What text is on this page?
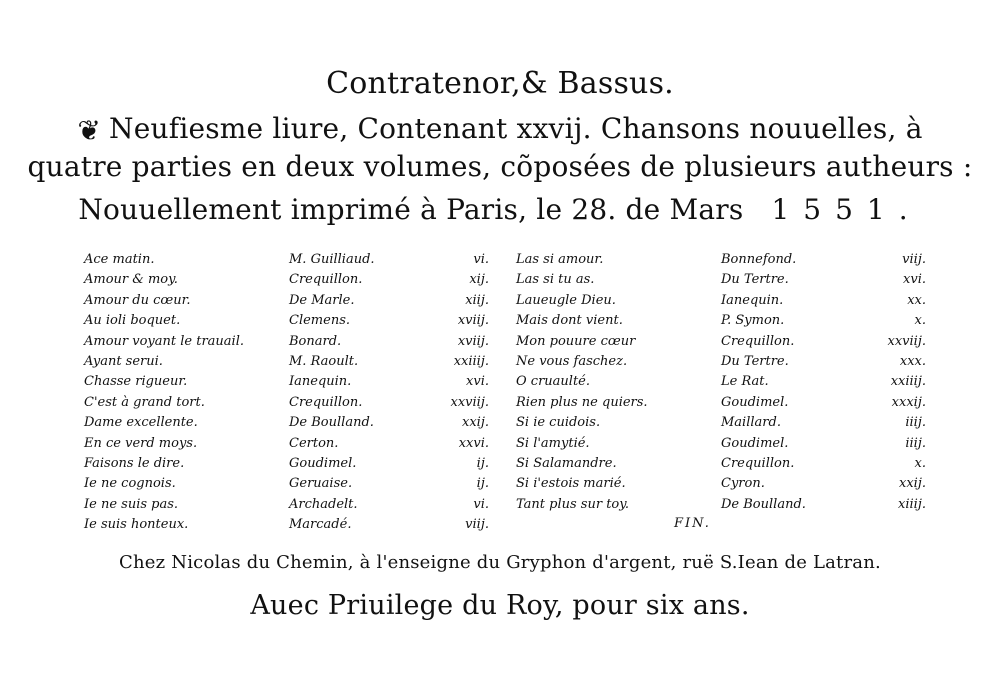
Contratenor,& Bassus.
❦ Neufiesme liure, Contenant xxvij. Chansons nouuelles, à
quatre parties en deux volumes, cõposées de plusieurs autheurs :
Nouuellement imprimé à Paris, le 28. de Mars 1551.
Ace matin.	M. Guilliaud.	vi.
Amour & moy.	Crequillon.	xij.
Amour du cœur.	De Marle.	xiij.
Au ioli boquet.	Clemens.	xviij.
Amour voyant le trauail.	Bonard.	xviij.
Ayant serui.	M. Raoult.	xxiiij.
Chasse rigueur.	Ianequin.	xvi.
C'est à grand tort.	Crequillon.	xxviij.
Dame excellente.	De Boulland.	xxij.
En ce verd moys.	Certon.	xxvi.
Faisons le dire.	Goudimel.	ij.
Ie ne cognois.	Geruaise.	ij.
Ie ne suis pas.	Archadelt.	vi.
Ie suis honteux.	Marcadé.	viij.
Las si amour.	Bonnefond.	viij.
Las si tu as.	Du Tertre.	xvi.
Laueugle Dieu.	Ianequin.	xx.
Mais dont vient.	P. Symon.	x.
Mon pouure cœur	Crequillon.	xxviij.
Ne vous faschez.	Du Tertre.	xxx.
O cruaulté.	Le Rat.	xxiiij.
Rien plus ne quiers.	Goudimel.	xxxij.
Si ie cuidois.	Maillard.	iiij.
Si l'amytié.	Goudimel.	iiij.
Si Salamandre.	Crequillon.	x.
Si i'estois marié.	Cyron.	xxij.
Tant plus sur toy.	De Boulland.	xiiij.
FIN.
Chez Nicolas du Chemin, à l'enseigne du Gryphon d'argent, ruë S.Iean de Latran.
Auec Priuilege du Roy, pour six ans.
